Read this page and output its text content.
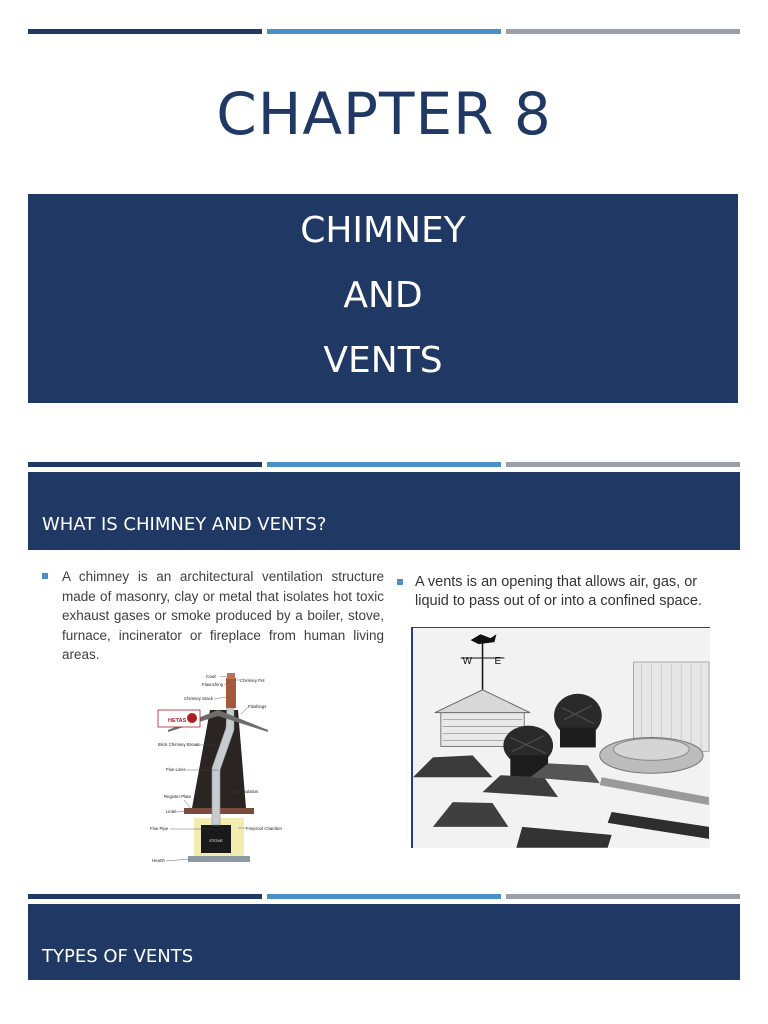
CHAPTER 8
CHIMNEY
AND
VENTS
WHAT IS CHIMNEY AND VENTS?

A chimney is an architectural ventilation structure made of masonry, clay or metal that isolates hot toxic exhaust gases or smoke produced by a boiler, stove, furnace, incinerator or fireplace from human living areas.

A vents is an opening that allows air, gas, or liquid to pass out of or into a confined space.

STOVE
HETAS
Cowl
Flaunching
Chimney Stack
Chimney Pot
Flashings
Brick Chimney Breast
Flue Liner
Insulation
Register Plate
Lintel
Flue Pipe	Fireproof Chamber
Hearth
W E
TYPES OF VENTS
